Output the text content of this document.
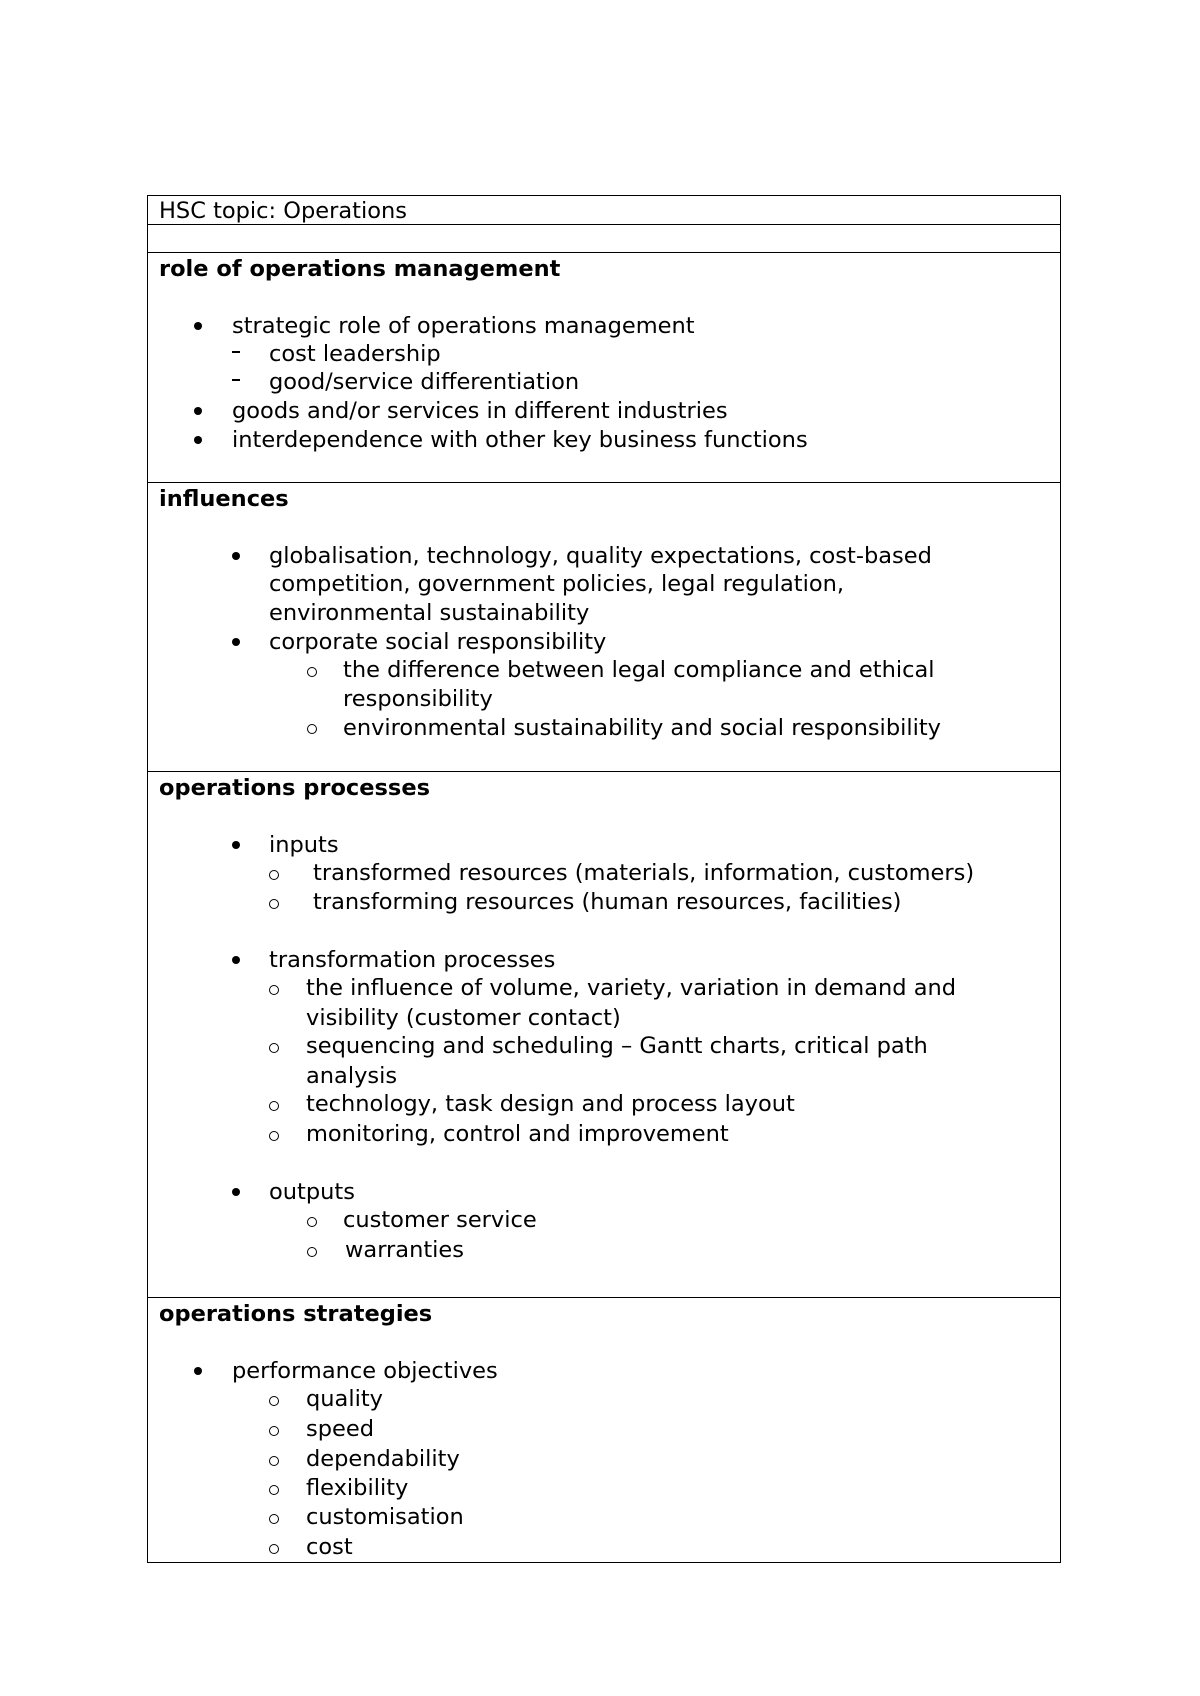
HSC topic: Operations
role of operations management
strategic role of operations management
cost leadership
good/service differentiation
goods and/or services in different industries
interdependence with other key business functions
influences
globalisation, technology, quality expectations, cost-based
competition, government policies, legal regulation,
environmental sustainability
corporate social responsibility
the difference between legal compliance and ethical
responsibility
environmental sustainability and social responsibility
operations processes
inputs
transformed resources (materials, information, customers)
transforming resources (human resources, facilities)
transformation processes
the influence of volume, variety, variation in demand and
visibility (customer contact)
sequencing and scheduling – Gantt charts, critical path
analysis
technology, task design and process layout
monitoring, control and improvement
outputs
customer service
warranties
operations strategies
performance objectives
quality
speed
dependability
flexibility
customisation
cost
